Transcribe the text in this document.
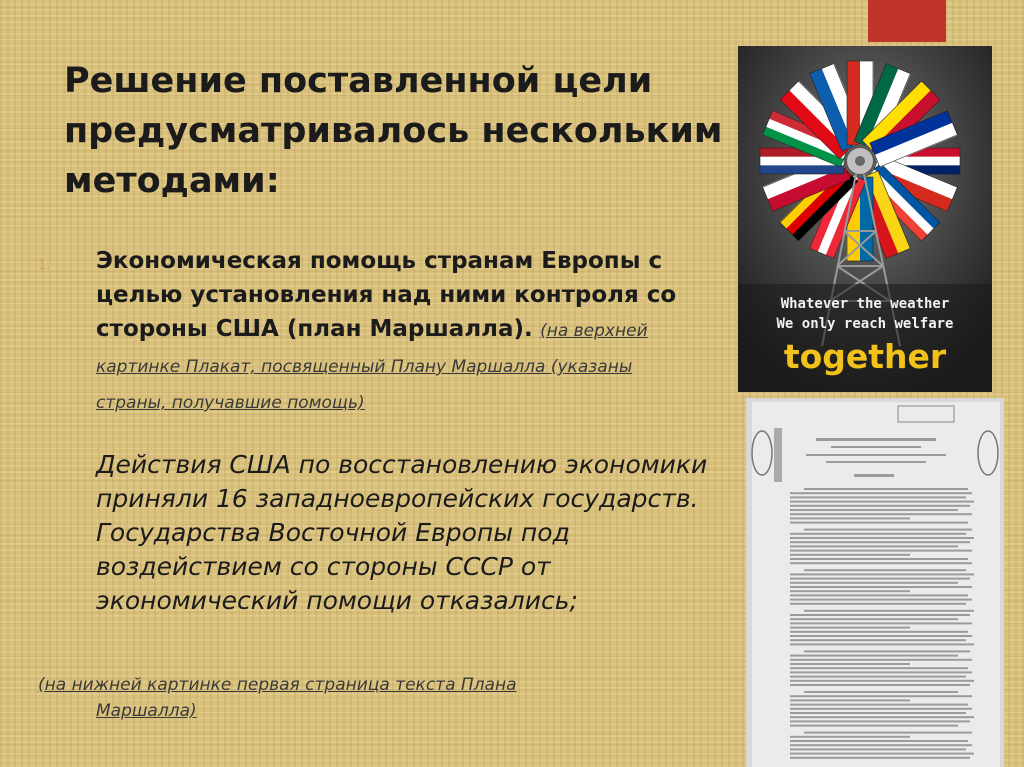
Решение поставленной цели предусматривалось нескольким методами:
1. Экономическая помощь странам Европы с целью установления над ними контроля со стороны США (план Маршалла). (на верхней картинке Плакат, посвященный Плану Маршалла (указаны страны, получавшие помощь)
Действия США по восстановлению экономики приняли 16 западноевропейских государств. Государства Восточной Европы под воздействием со стороны СССР от экономический помощи отказались;
(на нижней картинке первая страница текста Плана
Маршалла)
Whatever the weather
We only reach welfare
together
